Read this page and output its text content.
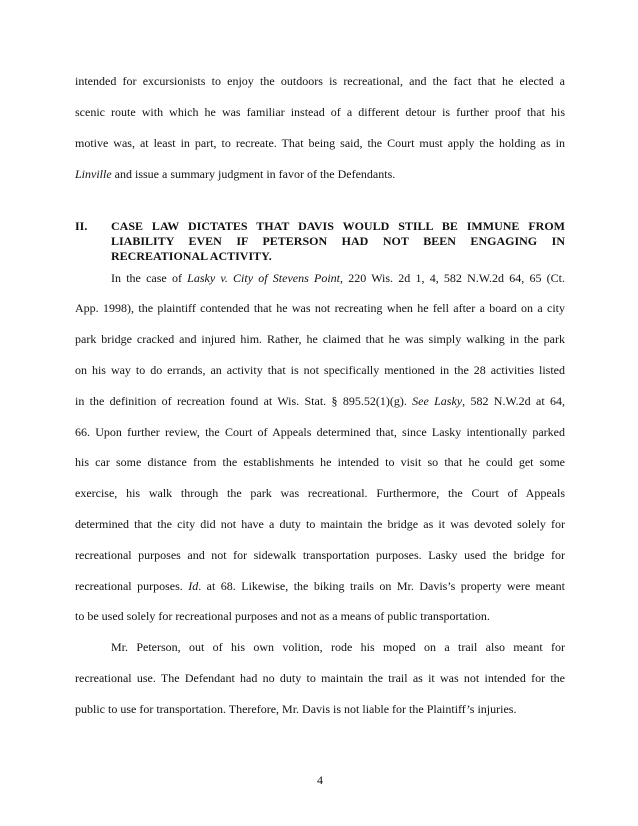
intended for excursionists to enjoy the outdoors is recreational, and the fact that he elected a
scenic route with which he was familiar instead of a different detour is further proof that his
motive was, at least in part, to recreate. That being said, the Court must apply the holding as in
Linville and issue a summary judgment in favor of the Defendants.
II. CASE LAW DICTATES THAT DAVIS WOULD STILL BE IMMUNE FROM
LIABILITY EVEN IF PETERSON HAD NOT BEEN ENGAGING IN
RECREATIONAL ACTIVITY.
In the case of Lasky v. City of Stevens Point, 220 Wis. 2d 1, 4, 582 N.W.2d 64, 65 (Ct.
App. 1998), the plaintiff contended that he was not recreating when he fell after a board on a city
park bridge cracked and injured him. Rather, he claimed that he was simply walking in the park
on his way to do errands, an activity that is not specifically mentioned in the 28 activities listed
in the definition of recreation found at Wis. Stat. § 895.52(1)(g). See Lasky, 582 N.W.2d at 64,
66. Upon further review, the Court of Appeals determined that, since Lasky intentionally parked
his car some distance from the establishments he intended to visit so that he could get some
exercise, his walk through the park was recreational. Furthermore, the Court of Appeals
determined that the city did not have a duty to maintain the bridge as it was devoted solely for
recreational purposes and not for sidewalk transportation purposes. Lasky used the bridge for
recreational purposes. Id. at 68. Likewise, the biking trails on Mr. Davis’s property were meant
to be used solely for recreational purposes and not as a means of public transportation.
Mr. Peterson, out of his own volition, rode his moped on a trail also meant for
recreational use. The Defendant had no duty to maintain the trail as it was not intended for the
public to use for transportation. Therefore, Mr. Davis is not liable for the Plaintiff’s injuries.
4
